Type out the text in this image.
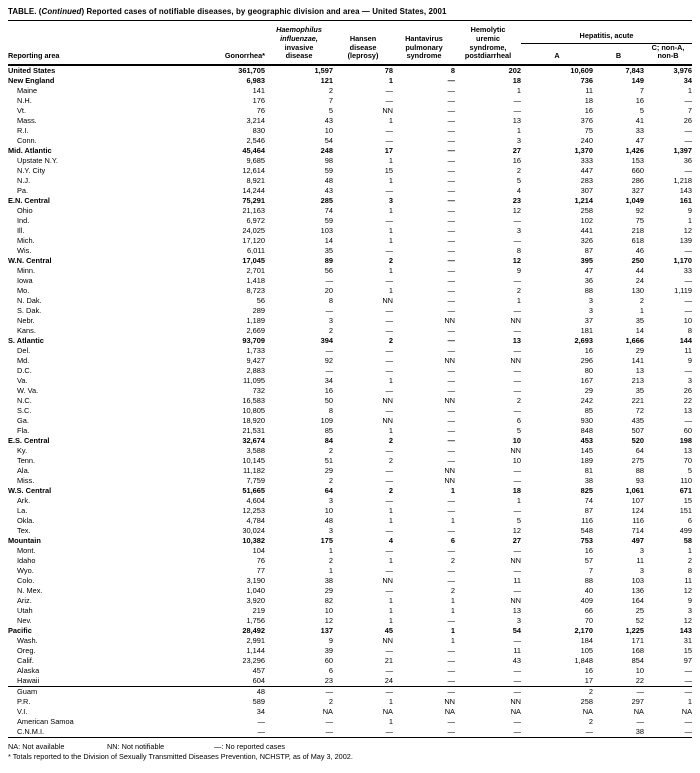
TABLE. (Continued) Reported cases of notifiable diseases, by geographic division and area — United States, 2001
Reporting area	Gonorrhea*

Haemophilus
influenzae,
invasive
disease

Hansen
disease
(leprosy)

Hantavirus
pulmonary
syndrome

Hemolytic
uremic
syndrome,
postdiarrheal

Hepatitis, acute

						A	B	C; non-A,
non-B

United States	361,705	1,597	78	8	202	10,609	7,843	3,976
New England	6,983	121	1	—	18	736	149	34
Maine	141	2	—	—	1	11	7	1
N.H.	176	7	—	—	—	18	16	—
Vt.	76	5	NN	—	—	16	5	7
Mass.	3,214	43	1	—	13	376	41	26
R.I.	830	10	—	—	1	75	33	—
Conn.	2,546	54	—	—	3	240	47	—
Mid. Atlantic	45,464	248	17	—	27	1,370	1,426	1,397
Upstate N.Y.	9,685	98	1	—	16	333	153	36
N.Y. City	12,614	59	15	—	2	447	660	—
N.J.	8,921	48	1	—	5	283	286	1,218
Pa.	14,244	43	—	—	4	307	327	143
E.N. Central	75,291	285	3	—	23	1,214	1,049	161
Ohio	21,163	74	1	—	12	258	92	9
Ind.	6,972	59	—	—	—	102	75	1
Ill.	24,025	103	1	—	3	441	218	12
Mich.	17,120	14	1	—	—	326	618	139
Wis.	6,011	35	—	—	8	87	46	—
W.N. Central	17,045	89	2	—	12	395	250	1,170
Minn.	2,701	56	1	—	9	47	44	33
Iowa	1,418	—	—	—	—	36	24	—
Mo.	8,723	20	1	—	2	88	130	1,119
N. Dak.	56	8	NN	—	1	3	2	—
S. Dak.	289	—	—	—	—	3	1	—
Nebr.	1,189	3	—	NN	NN	37	35	10
Kans.	2,669	2	—	—	—	181	14	8
S. Atlantic	93,709	394	2	—	13	2,693	1,666	144
Del.	1,733	—	—	—	—	16	29	11
Md.	9,427	92	—	NN	NN	296	141	9
D.C.	2,883	—	—	—	—	80	13	—
Va.	11,095	34	1	—	—	167	213	3
W. Va.	732	16	—	—	—	29	35	26
N.C.	16,583	50	NN	NN	2	242	221	22
S.C.	10,805	8	—	—	—	85	72	13
Ga.	18,920	109	NN	—	6	930	435	—
Fla.	21,531	85	1	—	5	848	507	60
E.S. Central	32,674	84	2	—	10	453	520	198
Ky.	3,588	2	—	—	NN	145	64	13
Tenn.	10,145	51	2	—	10	189	275	70
Ala.	11,182	29	—	NN	—	81	88	5
Miss.	7,759	2	—	NN	—	38	93	110
W.S. Central	51,665	64	2	1	18	825	1,061	671
Ark.	4,604	3	—	—	1	74	107	15
La.	12,253	10	1	—	—	87	124	151
Okla.	4,784	48	1	1	5	116	116	6
Tex.	30,024	3	—	—	12	548	714	499
Mountain	10,382	175	4	6	27	753	497	58
Mont.	104	1	—	—	—	16	3	1
Idaho	76	2	1	2	NN	57	11	2
Wyo.	77	1	—	—	—	7	3	8
Colo.	3,190	38	NN	—	11	88	103	11
N. Mex.	1,040	29	—	2	—	40	136	12
Ariz.	3,920	82	1	1	NN	409	164	9
Utah	219	10	1	1	13	66	25	3
Nev.	1,756	12	1	—	3	70	52	12
Pacific	28,492	137	45	1	54	2,170	1,225	143
Wash.	2,991	9	NN	1	—	184	171	31
Oreg.	1,144	39	—	—	11	105	168	15
Calif.	23,296	60	21	—	43	1,848	854	97
Alaska	457	6	—	—	—	16	10	—
Hawaii	604	23	24	—	—	17	22	—
Guam	48	—	—	—	—	2	—	—
P.R.	589	2	1	NN	NN	258	297	1
V.I.	34	NA	NA	NA	NA	NA	NA	NA
American Samoa	—	—	1	—	—	2	—	—
C.N.M.I.	—	—	—	—	—	—	38	—
NA: Not available	NN: Not notifiable	—: No reported cases
* Totals reported to the Division of Sexually Transmitted Diseases Prevention, NCHSTP, as of May 3, 2002.
